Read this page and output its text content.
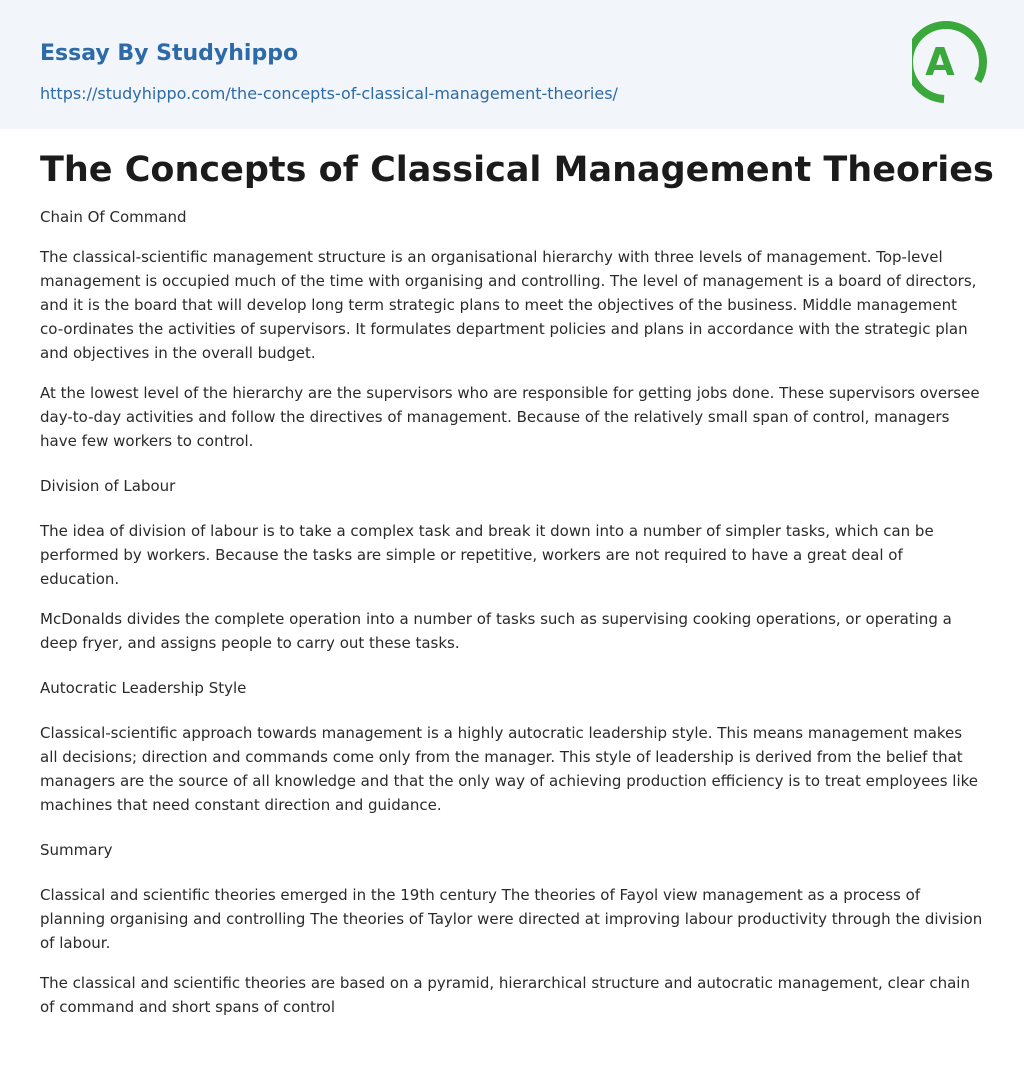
Essay By Studyhippo
https://studyhippo.com/the-concepts-of-classical-management-theories/
A
The Concepts of Classical Management Theories

Chain Of Command

The classical-scientific management structure is an organisational hierarchy with three levels of management. Top-level management is occupied much of the time with organising and controlling. The level of management is a board of directors, and it is the board that will develop long term strategic plans to meet the objectives of the business. Middle management co-ordinates the activities of supervisors. It formulates department policies and plans in accordance with the strategic plan and objectives in the overall budget.

At the lowest level of the hierarchy are the supervisors who are responsible for getting jobs done. These supervisors oversee day-to-day activities and follow the directives of management. Because of the relatively small span of control, managers have few workers to control.

Division of Labour

The idea of division of labour is to take a complex task and break it down into a number of simpler tasks, which can be performed by workers. Because the tasks are simple or repetitive, workers are not required to have a great deal of education.

McDonalds divides the complete operation into a number of tasks such as supervising cooking operations, or operating a deep fryer, and assigns people to carry out these tasks.

Autocratic Leadership Style

Classical-scientific approach towards management is a highly autocratic leadership style. This means management makes all decisions; direction and commands come only from the manager. This style of leadership is derived from the belief that managers are the source of all knowledge and that the only way of achieving production efficiency is to treat employees like machines that need constant direction and guidance.

Summary

Classical and scientific theories emerged in the 19th century The theories of Fayol view management as a process of planning organising and controlling The theories of Taylor were directed at improving labour productivity through the division of labour.

The classical and scientific theories are based on a pyramid, hierarchical structure and autocratic management, clear chain of command and short spans of control
